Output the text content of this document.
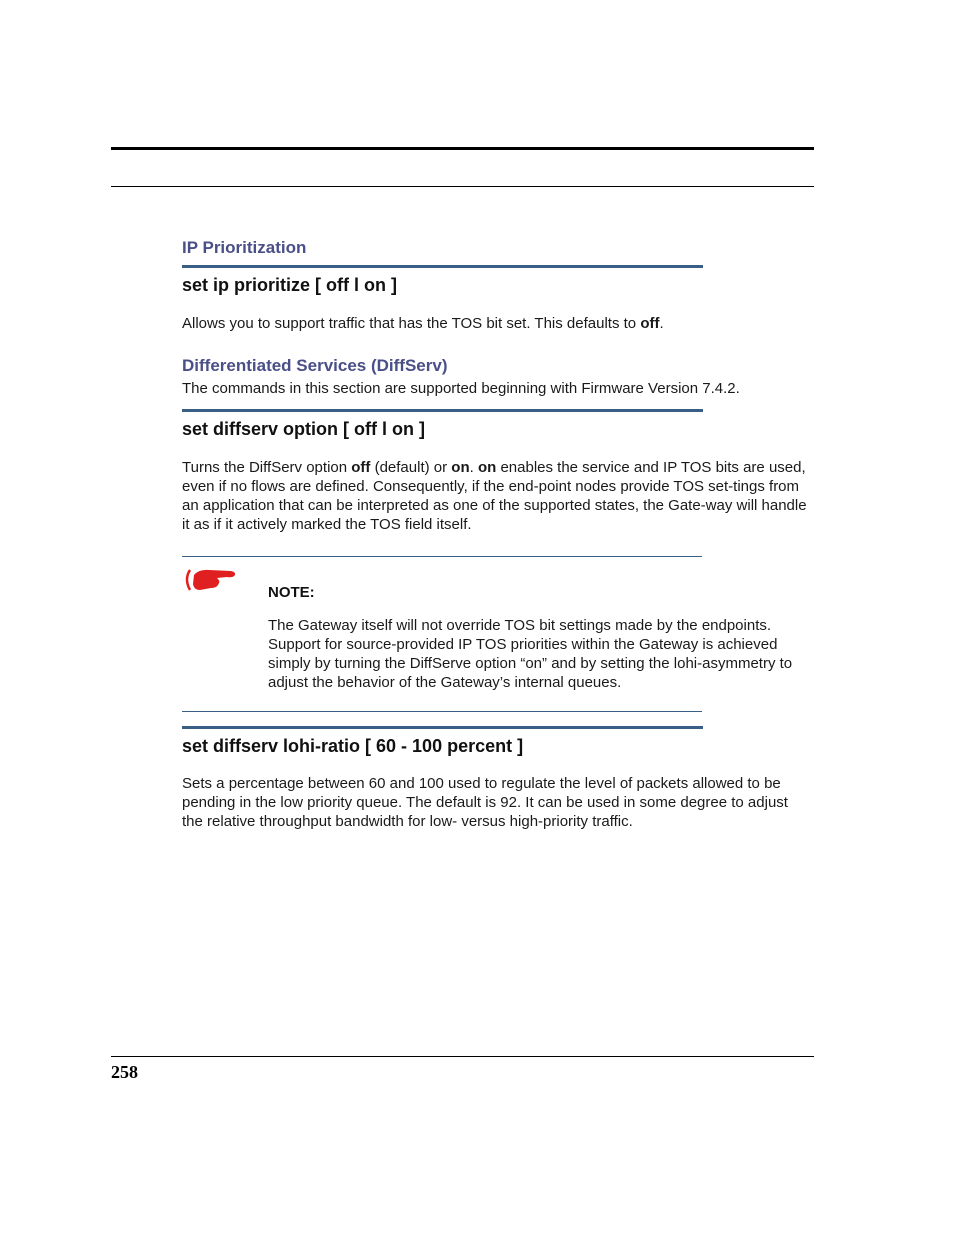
IP Prioritization
set ip prioritize [ off l on ]

Allows you to support traffic that has the TOS bit set. This defaults to off.

Differentiated Services (DiffServ)

The commands in this section are supported beginning with Firmware Version 7.4.2.

set diffserv option [ off l on ]

Turns the DiffServ option off (default) or on. on enables the service and IP TOS bits are used, even if no flows are defined. Consequently, if the end-point nodes provide TOS set-tings from an application that can be interpreted as one of the supported states, the Gate-way will handle it as if it actively marked the TOS field itself.

NOTE:

The Gateway itself will not override TOS bit settings made by the endpoints. Support for source-provided IP TOS priorities within the Gateway is achieved simply by turning the DiffServe option “on” and by setting the lohi-asymmetry to adjust the behavior of the Gateway’s internal queues.

set diffserv lohi-ratio [ 60 - 100 percent ]

Sets a percentage between 60 and 100 used to regulate the level of packets allowed to be pending in the low priority queue. The default is 92. It can be used in some degree to adjust the relative throughput bandwidth for low- versus high-priority traffic.

258
